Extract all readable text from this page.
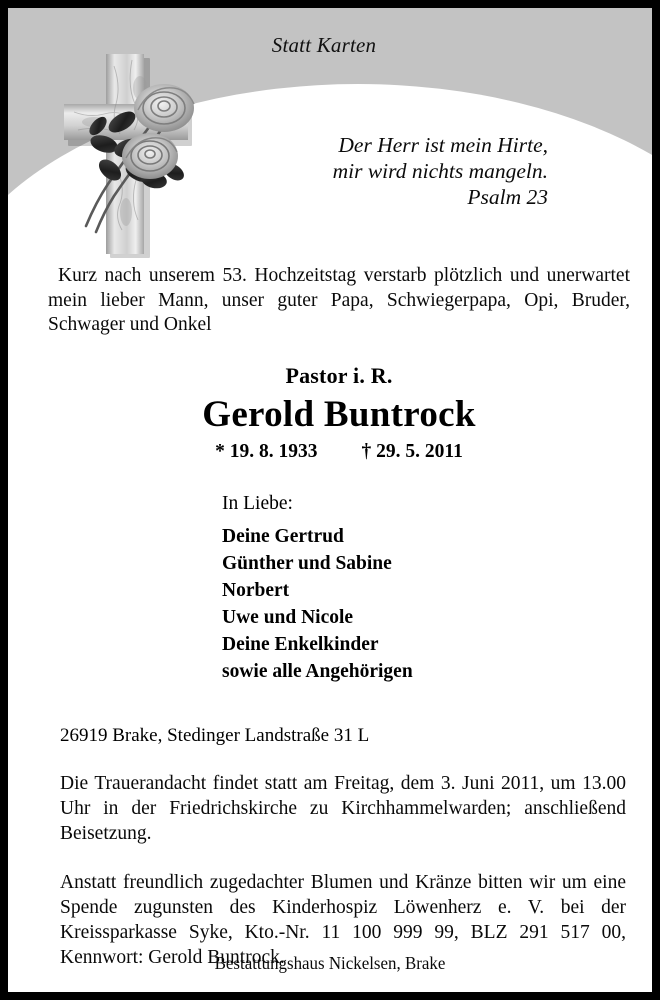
Statt Karten
Der Herr ist mein Hirte,
mir wird nichts mangeln.
Psalm 23

Kurz nach unserem 53. Hochzeitstag verstarb plötzlich und unerwartet mein lieber Mann, unser guter Papa, Schwiegerpapa, Opi, Bruder, Schwager und Onkel

Pastor i. R.
Gerold Buntrock
* 19. 8. 1933 † 29. 5. 2011
In Liebe:
Deine Gertrud
Günther und Sabine
Norbert
Uwe und Nicole
Deine Enkelkinder
sowie alle Angehörigen
26919 Brake, Stedinger Landstraße 31 L

Die Trauerandacht findet statt am Freitag, dem 3. Juni 2011, um 13.00 Uhr in der Friedrichskirche zu Kirchhammelwarden; anschließend Beisetzung.

Anstatt freundlich zugedachter Blumen und Kränze bitten wir um eine Spende zugunsten des Kinderhospiz Löwenherz e. V. bei der Kreissparkasse Syke, Kto.-Nr. 11 100 999 99, BLZ 291 517 00, Kennwort: Gerold Buntrock.

Bestattungshaus Nickelsen, Brake
